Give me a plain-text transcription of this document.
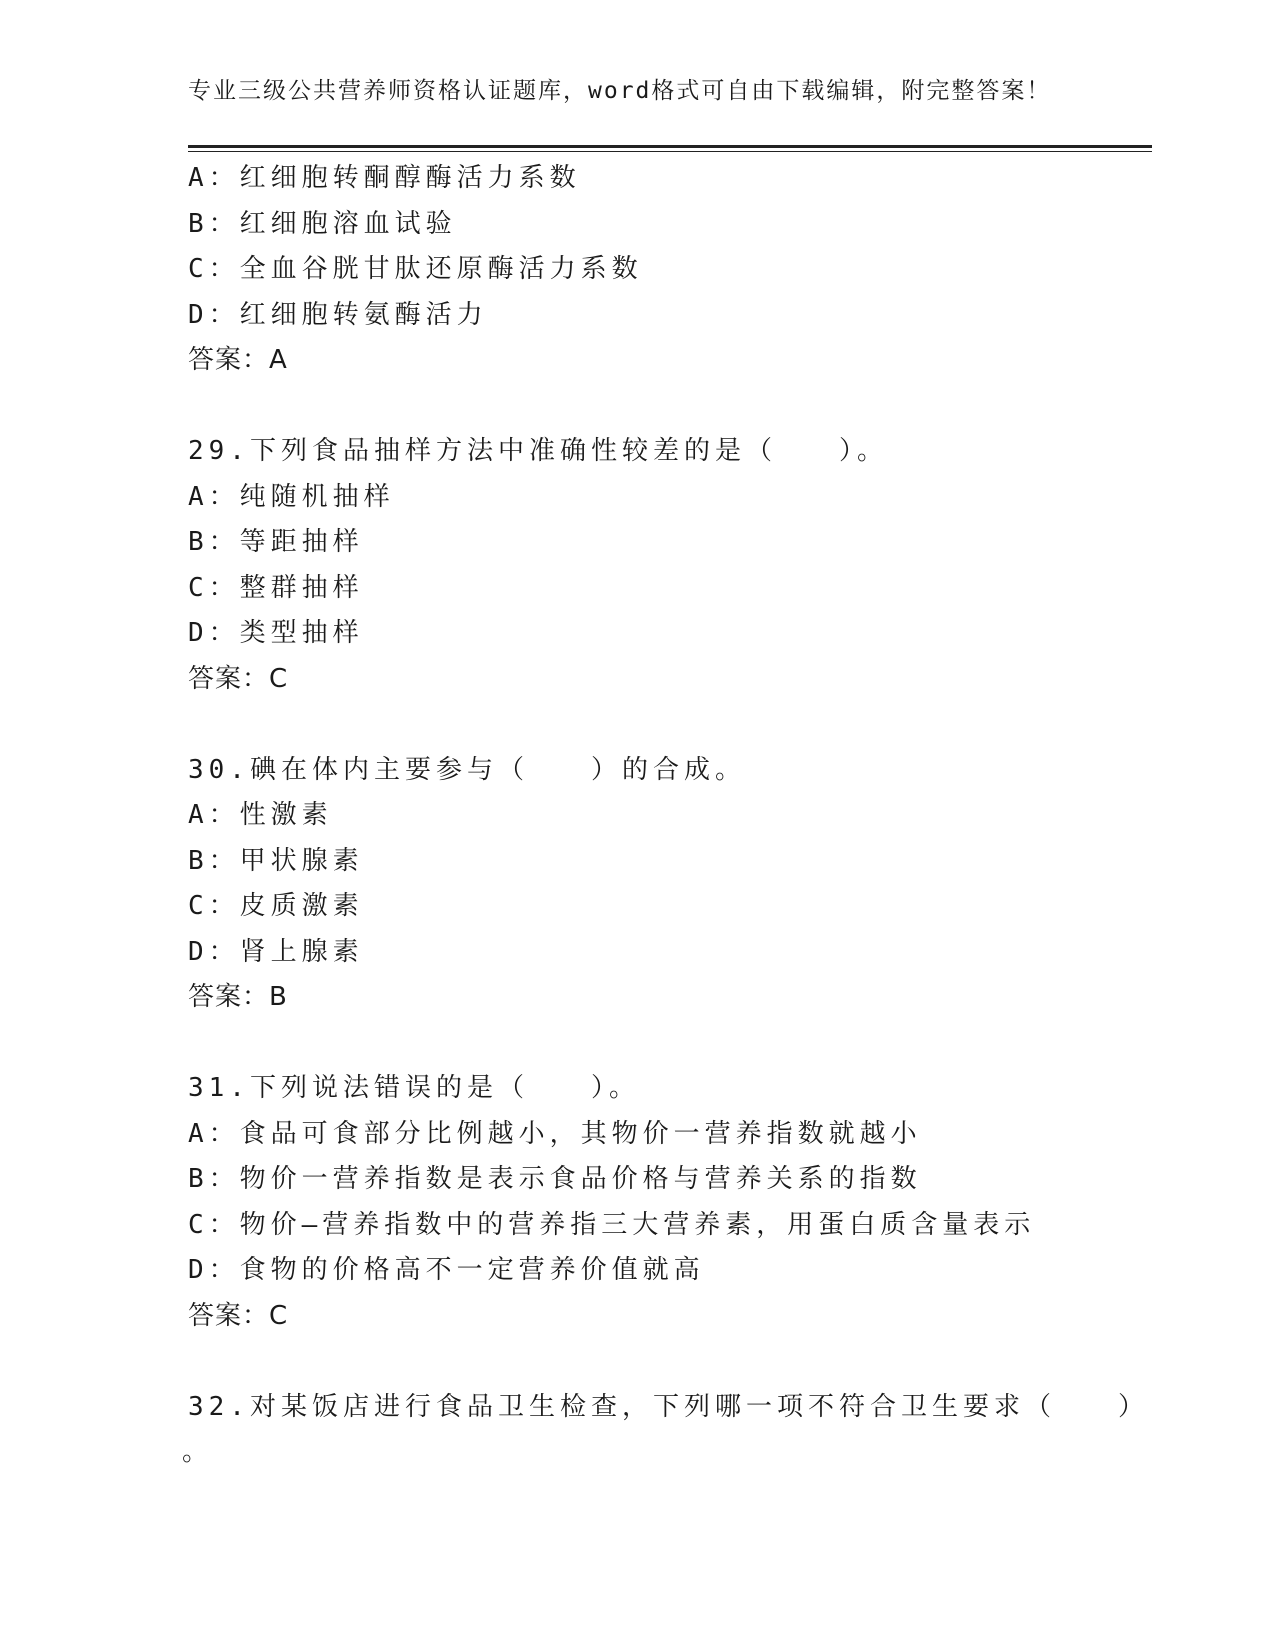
专业三级公共营养师资格认证题库，word格式可自由下载编辑，附完整答案！
A：红细胞转酮醇酶活力系数
B：红细胞溶血试验
C：全血谷胱甘肽还原酶活力系数
D：红细胞转氨酶活力
答案：A
29.下列食品抽样方法中准确性较差的是（　　）。
A：纯随机抽样
B：等距抽样
C：整群抽样
D：类型抽样
答案：C
30.碘在体内主要参与（　　）的合成。
A：性激素
B：甲状腺素
C：皮质激素
D：肾上腺素
答案：B
31.下列说法错误的是（　　）。
A：食品可食部分比例越小，其物价一营养指数就越小
B：物价一营养指数是表示食品价格与营养关系的指数
C：物价—营养指数中的营养指三大营养素，用蛋白质含量表示
D：食物的价格高不一定营养价值就高
答案：C
32.对某饭店进行食品卫生检查，下列哪一项不符合卫生要求（　　）
。
